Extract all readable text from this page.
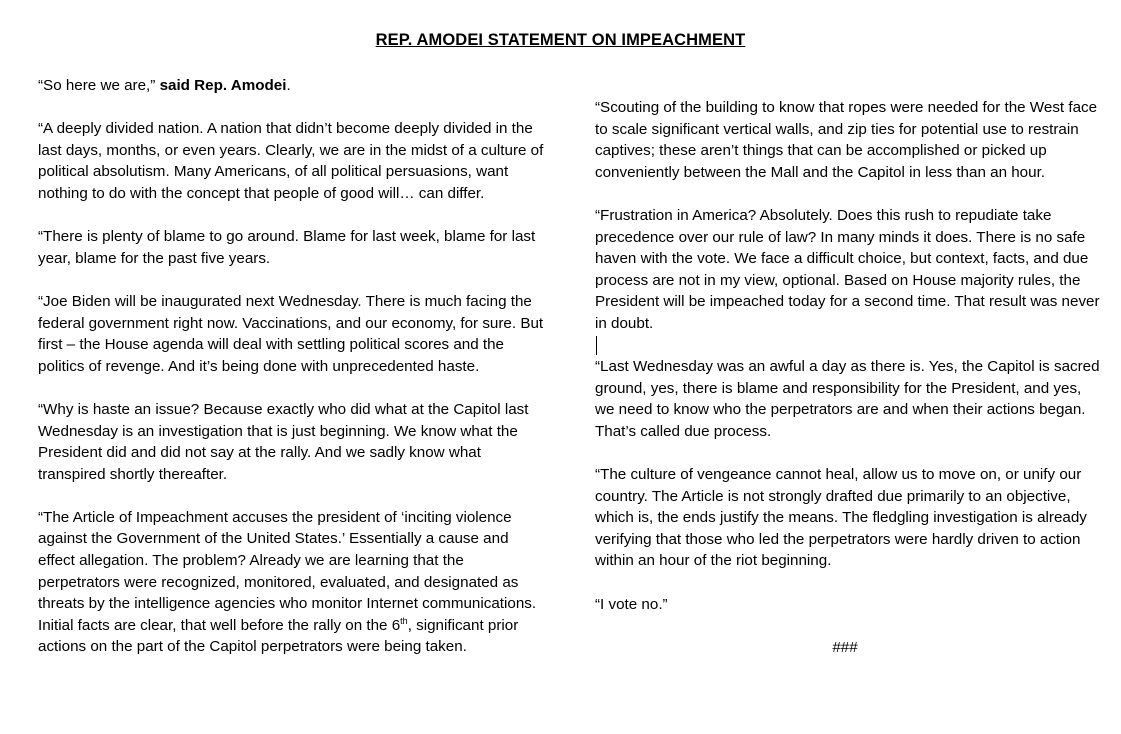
REP. AMODEI STATEMENT ON IMPEACHMENT

“So here we are,” said Rep. Amodei.

“A deeply divided nation. A nation that didn’t become deeply divided in the last days, months, or even years. Clearly, we are in the midst of a culture of political absolutism. Many Americans, of all political persuasions, want nothing to do with the concept that people of good will… can differ.

“There is plenty of blame to go around. Blame for last week, blame for last year, blame for the past five years.

“Joe Biden will be inaugurated next Wednesday. There is much facing the federal government right now. Vaccinations, and our economy, for sure. But first – the House agenda will deal with settling political scores and the politics of revenge. And it’s being done with unprecedented haste.

“Why is haste an issue? Because exactly who did what at the Capitol last Wednesday is an investigation that is just beginning. We know what the President did and did not say at the rally. And we sadly know what transpired shortly thereafter.

“The Article of Impeachment accuses the president of ‘inciting violence against the Government of the United States.’ Essentially a cause and effect allegation. The problem? Already we are learning that the perpetrators were recognized, monitored, evaluated, and designated as threats by the intelligence agencies who monitor Internet communications. Initial facts are clear, that well before the rally on the 6th, significant prior actions on the part of the Capitol perpetrators were being taken.

“Scouting of the building to know that ropes were needed for the West face to scale significant vertical walls, and zip ties for potential use to restrain captives; these aren’t things that can be accomplished or picked up conveniently between the Mall and the Capitol in less than an hour.

“Frustration in America? Absolutely. Does this rush to repudiate take precedence over our rule of law? In many minds it does. There is no safe haven with the vote. We face a difficult choice, but context, facts, and due process are not in my view, optional. Based on House majority rules, the President will be impeached today for a second time. That result was never in doubt.

“Last Wednesday was an awful a day as there is. Yes, the Capitol is sacred ground, yes, there is blame and responsibility for the President, and yes, we need to know who the perpetrators are and when their actions began. That’s called due process.

“The culture of vengeance cannot heal, allow us to move on, or unify our country. The Article is not strongly drafted due primarily to an objective, which is, the ends justify the means. The fledgling investigation is already verifying that those who led the perpetrators were hardly driven to action within an hour of the riot beginning.

“I vote no.”

###
